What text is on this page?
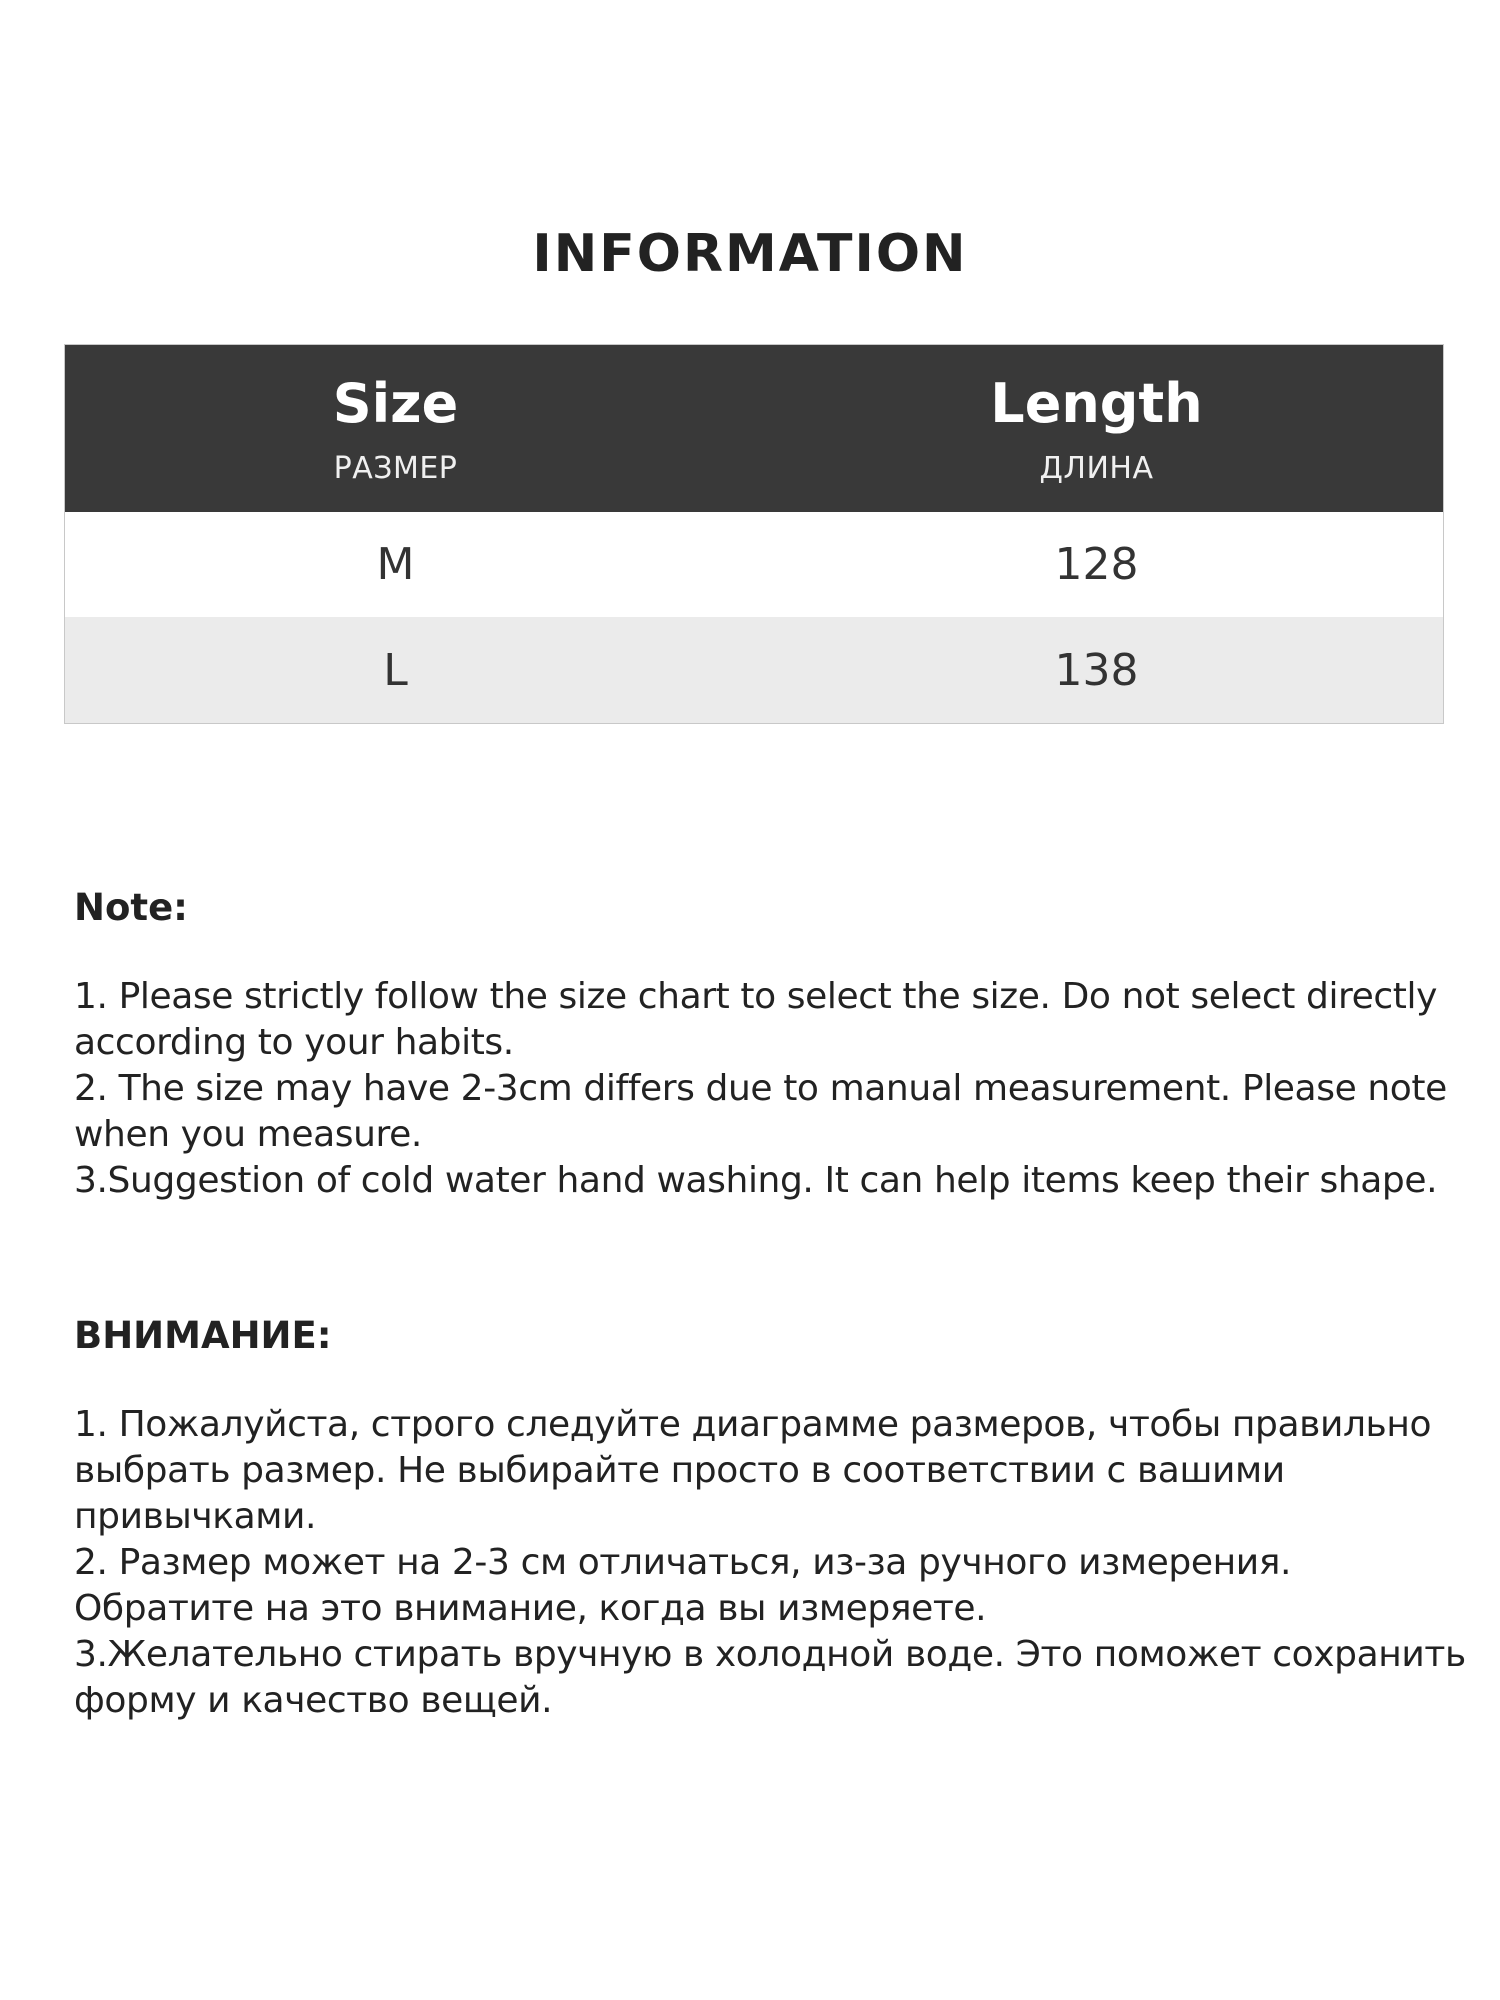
INFORMATION
Size
РАЗМЕР
Length
ДЛИНА
M	128
L	138
Note:
1. Please strictly follow the size chart to select the size. Do not select directly
according to your habits.
2. The size may have 2-3cm differs due to manual measurement. Please note
when you measure.
3.Suggestion of cold water hand washing. It can help items keep their shape.
ВНИМАНИЕ:
1. Пожалуйста, строго следуйте диаграмме размеров, чтобы правильно
выбрать размер. Не выбирайте просто в соответствии с вашими
привычками.
2. Размер может на 2-3 см отличаться, из-за ручного измерения.
Обратите на это внимание, когда вы измеряете.
3.Желательно стирать вручную в холодной воде. Это поможет сохранить
форму и качество вещей.
